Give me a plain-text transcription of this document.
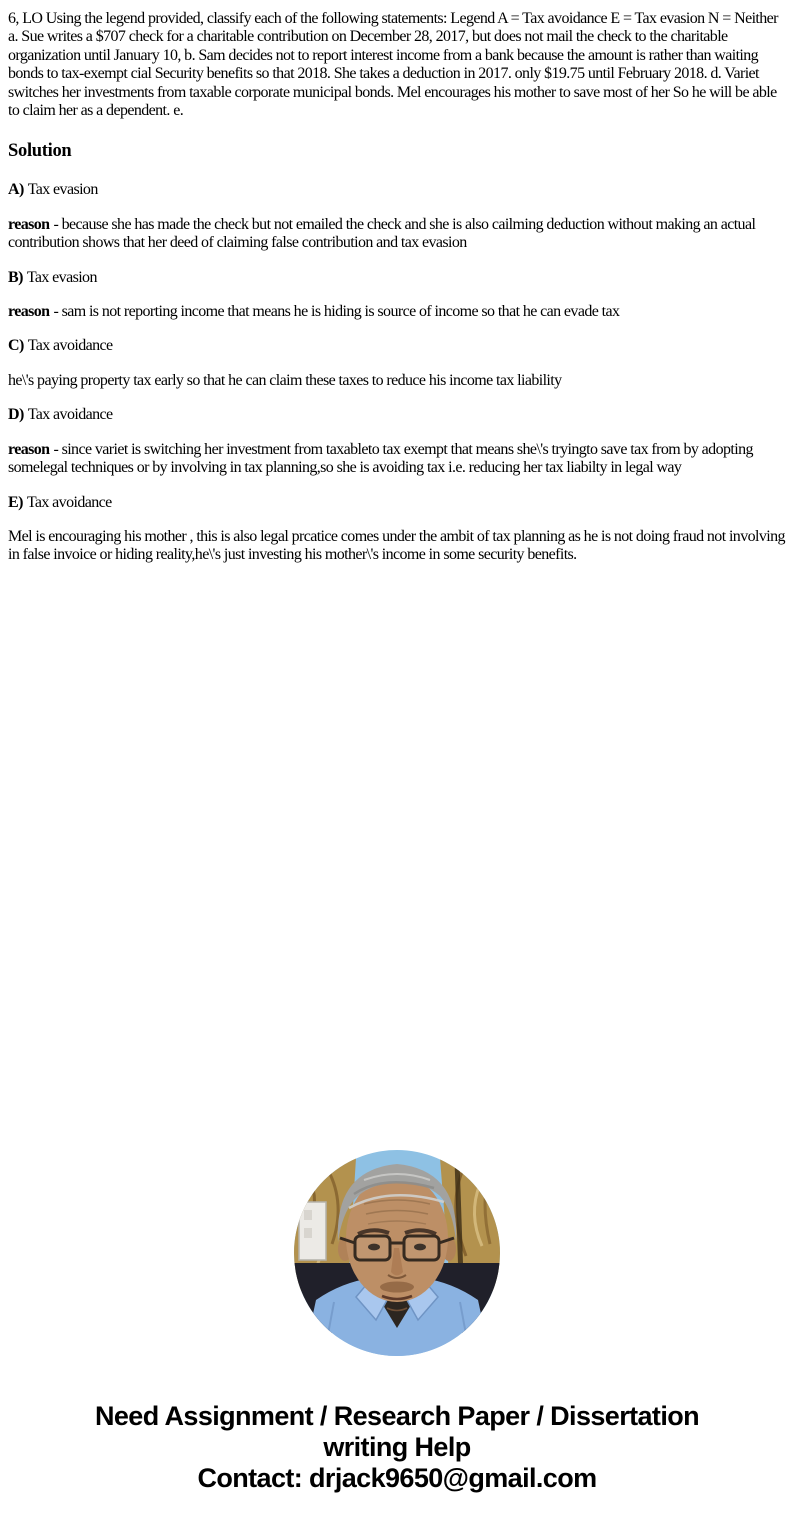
6, LO Using the legend provided, classify each of the following statements: Legend A = Tax avoidance E = Tax evasion N = Neither a. Sue writes a $707 check for a charitable contribution on December 28, 2017, but does not mail the check to the charitable organization until January 10, b. Sam decides not to report interest income from a bank because the amount is rather than waiting bonds to tax-exempt cial Security benefits so that 2018. She takes a deduction in 2017. only $19.75 until February 2018. d. Variet switches her investments from taxable corporate municipal bonds. Mel encourages his mother to save most of her So he will be able to claim her as a dependent. e.

Solution

A) Tax evasion

reason - because she has made the check but not emailed the check and she is also cailming deduction without making an actual contribution shows that her deed of claiming false contribution and tax evasion

B) Tax evasion

reason - sam is not reporting income that means he is hiding is source of income so that he can evade tax

C) Tax avoidance

he\'s paying property tax early so that he can claim these taxes to reduce his income tax liability

D) Tax avoidance

reason - since variet is switching her investment from taxableto tax exempt that means she\'s tryingto save tax from by adopting somelegal techniques or by involving in tax planning,so she is avoiding tax i.e. reducing her tax liabilty in legal way

E) Tax avoidance

Mel is encouraging his mother , this is also legal prcatice comes under the ambit of tax planning as he is not doing fraud not involving in false invoice or hiding reality,he\'s just investing his mother\'s income in some security benefits.

Need Assignment / Research Paper / Dissertation
writing Help
Contact: drjack9650@gmail.com
